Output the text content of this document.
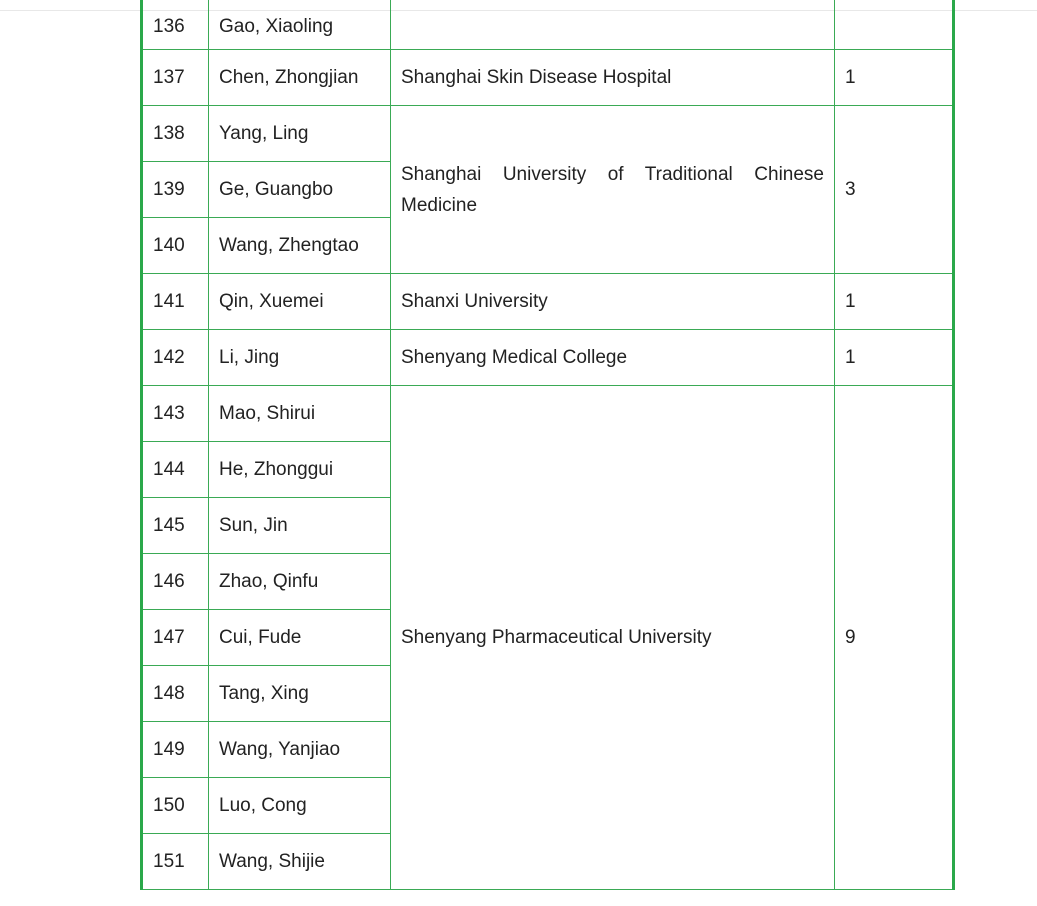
136	Gao, Xiaoling		
137	Chen, Zhongjian	Shanghai Skin Disease Hospital	1
138	Yang, Ling	Shanghai University of Traditional Chinese Medicine	3
139	Ge, Guangbo		
140	Wang, Zhengtao		
141	Qin, Xuemei	Shanxi University	1
142	Li, Jing	Shenyang Medical College	1
143	Mao, Shirui	Shenyang Pharmaceutical University	9
144	He, Zhonggui		
145	Sun, Jin		
146	Zhao, Qinfu		
147	Cui, Fude		
148	Tang, Xing		
149	Wang, Yanjiao		
150	Luo, Cong		
151	Wang, Shijie		
